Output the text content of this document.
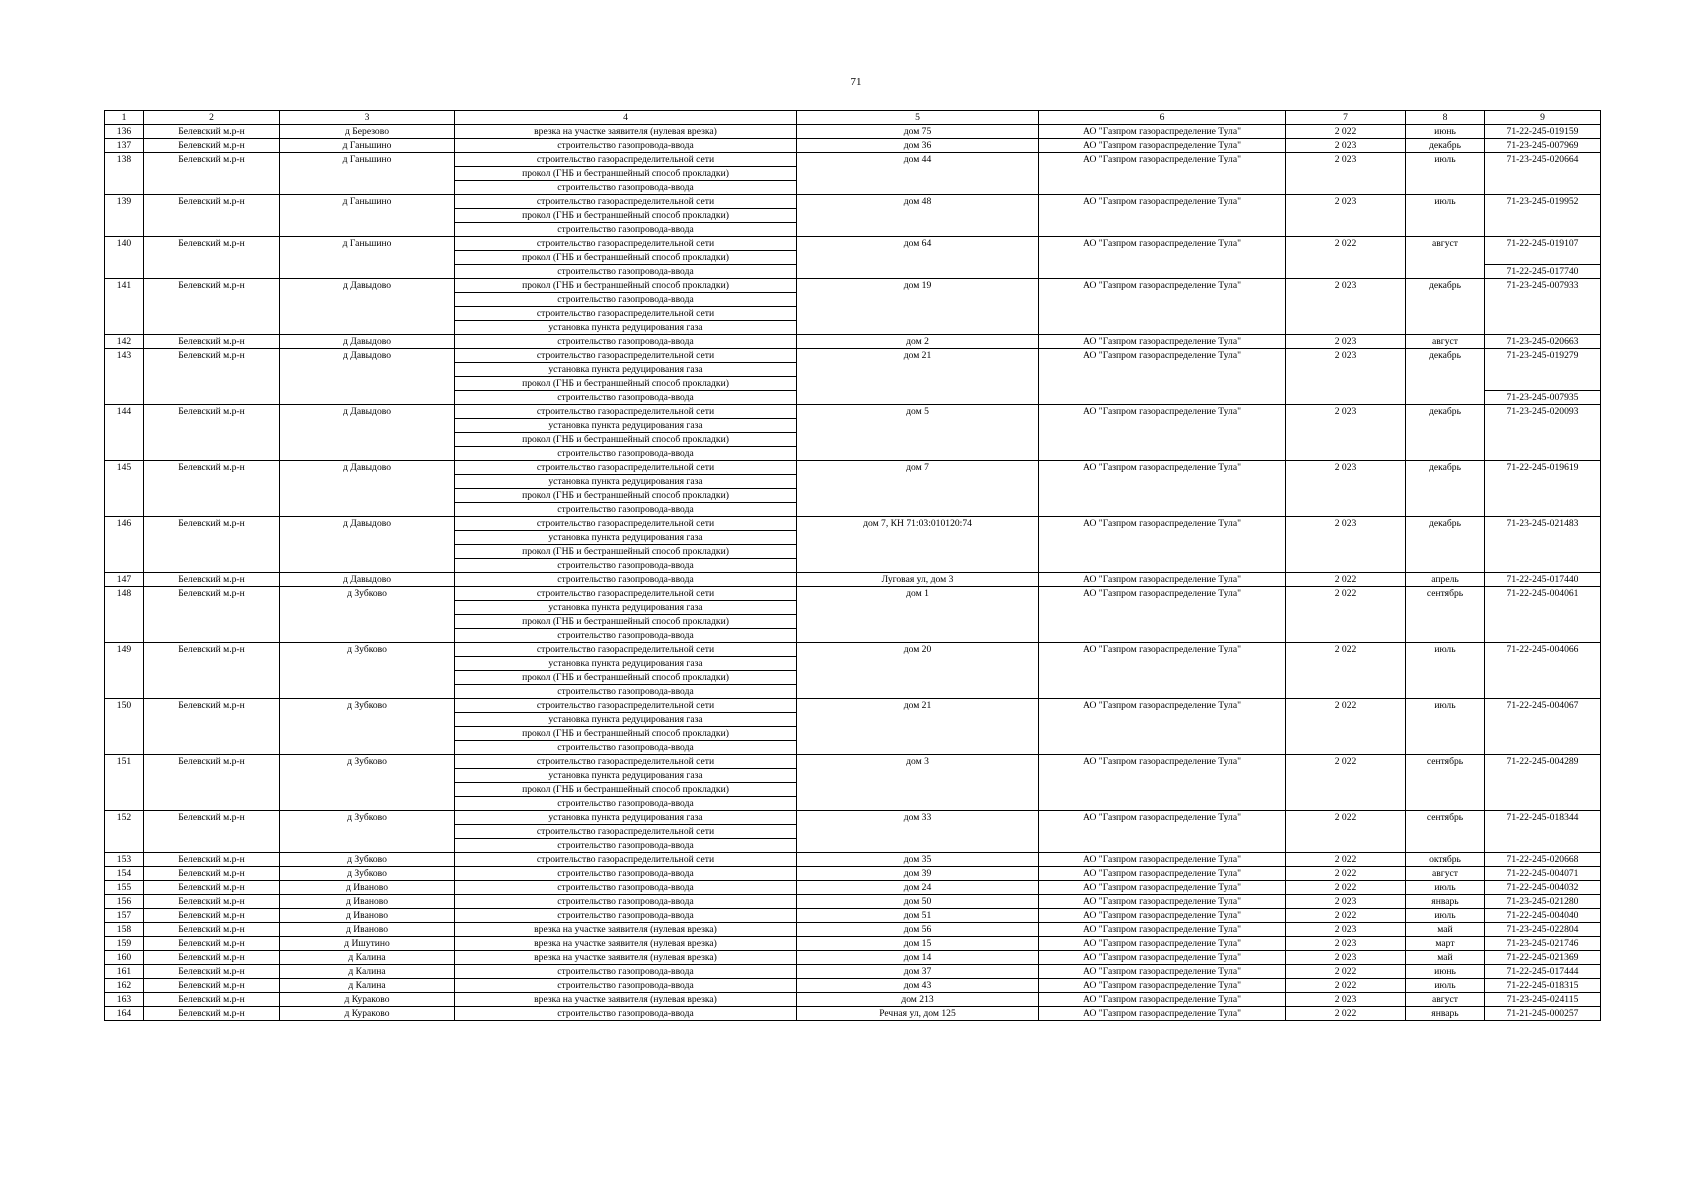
71
1	2	3	4	5	6	7	8	9
136	Белевский м.р-н	д Березово	врезка на участке заявителя (нулевая врезка)	дом 75	АО "Газпром газораспределение Тула"	2 022	июнь	71-22-245-019159
137	Белевский м.р-н	д Ганьшино	строительство газопровода-ввода	дом 36	АО "Газпром газораспределение Тула"	2 023	декабрь	71-23-245-007969
138	Белевский м.р-н	д Ганьшино	строительство газораспределительной сети	дом 44	АО "Газпром газораспределение Тула"	2 023	июль	71-23-245-020664
			прокол (ГНБ и бестраншейный способ прокладки)					
			строительство газопровода-ввода					
139	Белевский м.р-н	д Ганьшино	строительство газораспределительной сети	дом 48	АО "Газпром газораспределение Тула"	2 023	июль	71-23-245-019952
			прокол (ГНБ и бестраншейный способ прокладки)					
			строительство газопровода-ввода					
140	Белевский м.р-н	д Ганьшино	строительство газораспределительной сети	дом 64	АО "Газпром газораспределение Тула"	2 022	август	71-22-245-019107
			прокол (ГНБ и бестраншейный способ прокладки)					
			строительство газопровода-ввода					71-22-245-017740
141	Белевский м.р-н	д Давыдово	прокол (ГНБ и бестраншейный способ прокладки)	дом 19	АО "Газпром газораспределение Тула"	2 023	декабрь	71-23-245-007933
			строительство газопровода-ввода					
			строительство газораспределительной сети					
			установка пункта редуцирования газа					
142	Белевский м.р-н	д Давыдово	строительство газопровода-ввода	дом 2	АО "Газпром газораспределение Тула"	2 023	август	71-23-245-020663
143	Белевский м.р-н	д Давыдово	строительство газораспределительной сети	дом 21	АО "Газпром газораспределение Тула"	2 023	декабрь	71-23-245-019279
			установка пункта редуцирования газа					
			прокол (ГНБ и бестраншейный способ прокладки)					
			строительство газопровода-ввода					71-23-245-007935
144	Белевский м.р-н	д Давыдово	строительство газораспределительной сети	дом 5	АО "Газпром газораспределение Тула"	2 023	декабрь	71-23-245-020093
			установка пункта редуцирования газа					
			прокол (ГНБ и бестраншейный способ прокладки)					
			строительство газопровода-ввода					
145	Белевский м.р-н	д Давыдово	строительство газораспределительной сети	дом 7	АО "Газпром газораспределение Тула"	2 023	декабрь	71-22-245-019619
			установка пункта редуцирования газа					
			прокол (ГНБ и бестраншейный способ прокладки)					
			строительство газопровода-ввода					
146	Белевский м.р-н	д Давыдово	строительство газораспределительной сети	дом 7, КН 71:03:010120:74	АО "Газпром газораспределение Тула"	2 023	декабрь	71-23-245-021483
			установка пункта редуцирования газа					
			прокол (ГНБ и бестраншейный способ прокладки)					
			строительство газопровода-ввода					
147	Белевский м.р-н	д Давыдово	строительство газопровода-ввода	Луговая ул, дом 3	АО "Газпром газораспределение Тула"	2 022	апрель	71-22-245-017440
148	Белевский м.р-н	д Зубково	строительство газораспределительной сети	дом 1	АО "Газпром газораспределение Тула"	2 022	сентябрь	71-22-245-004061
			установка пункта редуцирования газа					
			прокол (ГНБ и бестраншейный способ прокладки)					
			строительство газопровода-ввода					
149	Белевский м.р-н	д Зубково	строительство газораспределительной сети	дом 20	АО "Газпром газораспределение Тула"	2 022	июль	71-22-245-004066
			установка пункта редуцирования газа					
			прокол (ГНБ и бестраншейный способ прокладки)					
			строительство газопровода-ввода					
150	Белевский м.р-н	д Зубково	строительство газораспределительной сети	дом 21	АО "Газпром газораспределение Тула"	2 022	июль	71-22-245-004067
			установка пункта редуцирования газа					
			прокол (ГНБ и бестраншейный способ прокладки)					
			строительство газопровода-ввода					
151	Белевский м.р-н	д Зубково	строительство газораспределительной сети	дом 3	АО "Газпром газораспределение Тула"	2 022	сентябрь	71-22-245-004289
			установка пункта редуцирования газа					
			прокол (ГНБ и бестраншейный способ прокладки)					
			строительство газопровода-ввода					
152	Белевский м.р-н	д Зубково	установка пункта редуцирования газа	дом 33	АО "Газпром газораспределение Тула"	2 022	сентябрь	71-22-245-018344
			строительство газораспределительной сети					
			строительство газопровода-ввода					
153	Белевский м.р-н	д Зубково	строительство газораспределительной сети	дом 35	АО "Газпром газораспределение Тула"	2 022	октябрь	71-22-245-020668
154	Белевский м.р-н	д Зубково	строительство газопровода-ввода	дом 39	АО "Газпром газораспределение Тула"	2 022	август	71-22-245-004071
155	Белевский м.р-н	д Иваново	строительство газопровода-ввода	дом 24	АО "Газпром газораспределение Тула"	2 022	июль	71-22-245-004032
156	Белевский м.р-н	д Иваново	строительство газопровода-ввода	дом 50	АО "Газпром газораспределение Тула"	2 023	январь	71-23-245-021280
157	Белевский м.р-н	д Иваново	строительство газопровода-ввода	дом 51	АО "Газпром газораспределение Тула"	2 022	июль	71-22-245-004040
158	Белевский м.р-н	д Иваново	врезка на участке заявителя (нулевая врезка)	дом 56	АО "Газпром газораспределение Тула"	2 023	май	71-23-245-022804
159	Белевский м.р-н	д Ишутино	врезка на участке заявителя (нулевая врезка)	дом 15	АО "Газпром газораспределение Тула"	2 023	март	71-23-245-021746
160	Белевский м.р-н	д Калина	врезка на участке заявителя (нулевая врезка)	дом 14	АО "Газпром газораспределение Тула"	2 023	май	71-22-245-021369
161	Белевский м.р-н	д Калина	строительство газопровода-ввода	дом 37	АО "Газпром газораспределение Тула"	2 022	июнь	71-22-245-017444
162	Белевский м.р-н	д Калина	строительство газопровода-ввода	дом 43	АО "Газпром газораспределение Тула"	2 022	июль	71-22-245-018315
163	Белевский м.р-н	д Кураково	врезка на участке заявителя (нулевая врезка)	дом 213	АО "Газпром газораспределение Тула"	2 023	август	71-23-245-024115
164	Белевский м.р-н	д Кураково	строительство газопровода-ввода	Речная ул, дом 125	АО "Газпром газораспределение Тула"	2 022	январь	71-21-245-000257
